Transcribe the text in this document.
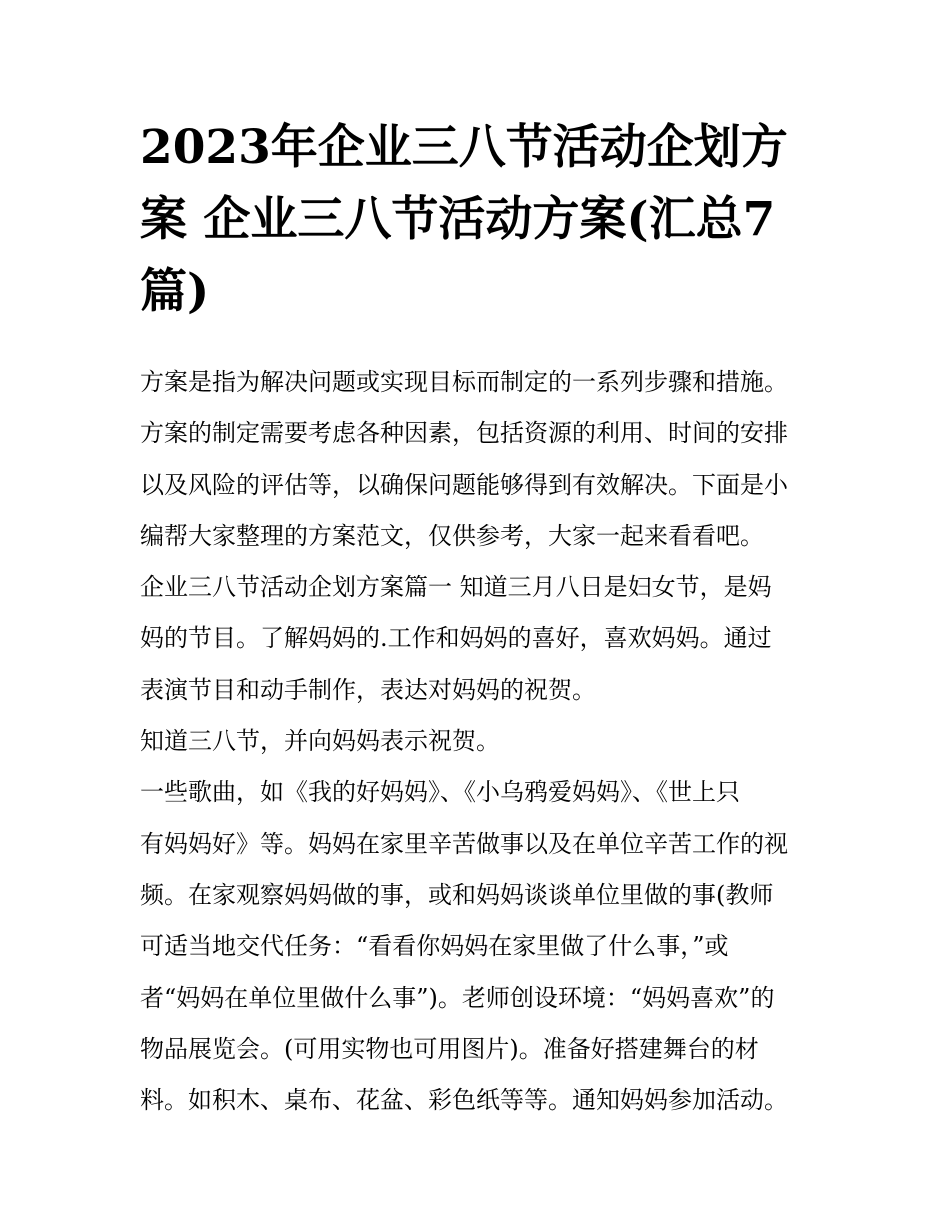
2023年企业三八节活动企划方
案 企业三八节活动方案(汇总7
篇)
方案是指为解决问题或实现目标而制定的一系列步骤和措施。
方案的制定需要考虑各种因素，包括资源的利用、时间的安排
以及风险的评估等，以确保问题能够得到有效解决。下面是小
编帮大家整理的方案范文，仅供参考，大家一起来看看吧。
企业三八节活动企划方案篇一 知道三月八日是妇女节，是妈
妈的节目。了解妈妈的.工作和妈妈的喜好，喜欢妈妈。通过
表演节目和动手制作，表达对妈妈的祝贺。
知道三八节，并向妈妈表示祝贺。
一些歌曲，如《我的好妈妈》、《小乌鸦爱妈妈》、《世上只
有妈妈好》等。妈妈在家里辛苦做事以及在单位辛苦工作的视
频。在家观察妈妈做的事，或和妈妈谈谈单位里做的事(教师
可适当地交代任务：“看看你妈妈在家里做了什么事，”或
者“妈妈在单位里做什么事”)。老师创设环境：“妈妈喜欢”的
物品展览会。(可用实物也可用图片)。准备好搭建舞台的材
料。如积木、桌布、花盆、彩色纸等等。通知妈妈参加活动。
